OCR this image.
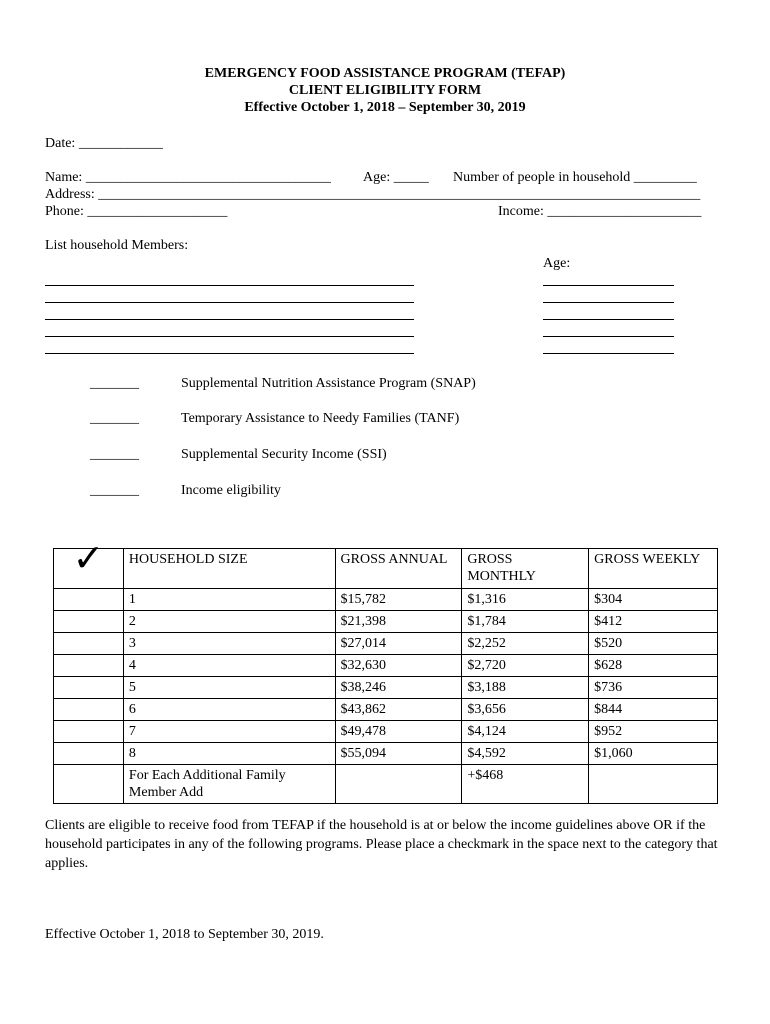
EMERGENCY FOOD ASSISTANCE PROGRAM (TEFAP)
CLIENT ELIGIBILITY FORM
Effective October 1, 2018 – September 30, 2019
Date: ____________
Name: ___________________________________ Age: _____ Number of people in household _________
Address: ______________________________________________________________________________________
Phone: ____________________	Income: ______________________
List household Members:
Age:
_______	Supplemental Nutrition Assistance Program (SNAP)
_______	Temporary Assistance to Needy Families (TANF)
_______	Supplemental Security Income (SSI)
_______	Income eligibility
✓	HOUSEHOLD SIZE	GROSS ANNUAL	GROSS MONTHLY	GROSS WEEKLY
	1	$15,782	$1,316	$304
	2	$21,398	$1,784	$412
	3	$27,014	$2,252	$520
	4	$32,630	$2,720	$628
	5	$38,246	$3,188	$736
	6	$43,862	$3,656	$844
	7	$49,478	$4,124	$952
	8	$55,094	$4,592	$1,060
	For Each Additional Family Member Add		+$468	
Clients are eligible to receive food from TEFAP if the household is at or below the income guidelines above OR if the household participates in any of the following programs. Please place a checkmark in the space next to the category that applies.
Effective October 1, 2018 to September 30, 2019.
